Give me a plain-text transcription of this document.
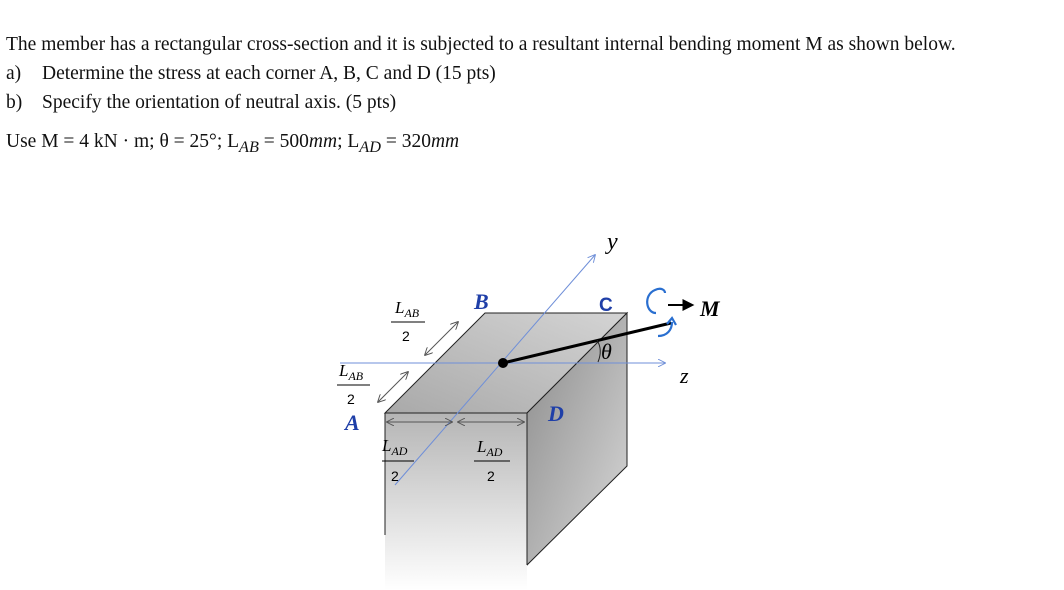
The member has a rectangular cross-section and it is subjected to a resultant internal bending moment M as shown below.

a)	Determine the stress at each corner A, B, C and D (15 pts)

b)	Specify the orientation of neutral axis. (5 pts)

Use M = 4 kN · m; θ = 25°; $L_{AB} = 500mm$; $L_{AD} = 320mm$

y
z
M
θ
A
B	C
D
$L_{AB}$
2
$L_{AB}$
2
$L_{AD}$
2
$L_{AD}$
2
